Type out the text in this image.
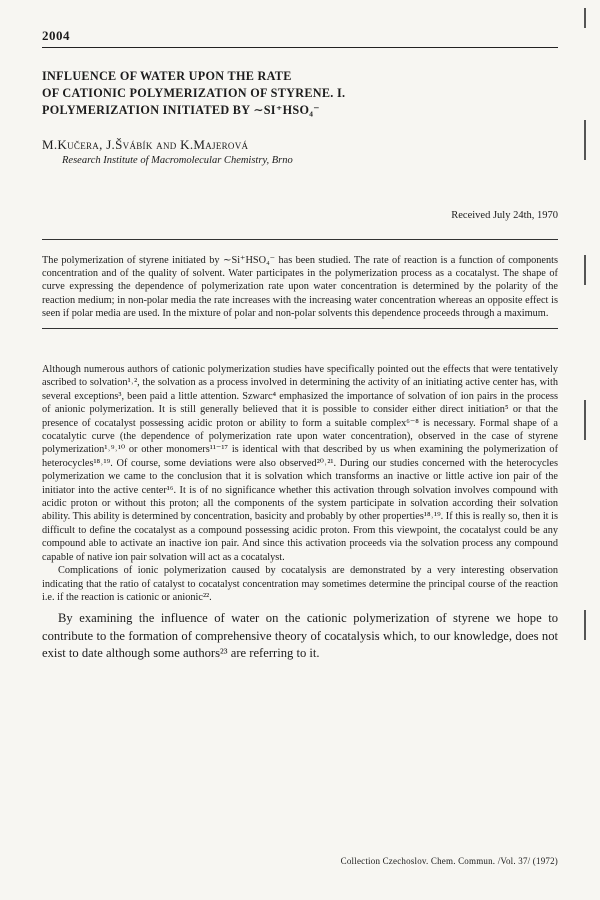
2004
INFLUENCE OF WATER UPON THE RATE
OF CATIONIC POLYMERIZATION OF STYRENE. I.
POLYMERIZATION INITIATED BY ∼SI⁺HSO₄⁻
M.Kučera, J.Švábík and K.Majerová
Research Institute of Macromolecular Chemistry, Brno
Received July 24th, 1970
The polymerization of styrene initiated by ∼Si⁺HSO₄⁻ has been studied. The rate of reaction is a function of components concentration and of the quality of solvent. Water participates in the polymerization process as a cocatalyst. The shape of curve expressing the dependence of polymerization rate upon water concentration is determined by the polarity of the reaction medium; in non-polar media the rate increases with the increasing water concentration whereas an opposite effect is seen if polar media are used. In the mixture of polar and non-polar solvents this dependence proceeds through a maximum.

Although numerous authors of cationic polymerization studies have specifically pointed out the effects that were tentatively ascribed to solvation¹˒², the solvation as a process involved in determining the activity of an initiating active center has, with several exceptions³, been paid a little attention. Szwarc⁴ emphasized the importance of solvation of ion pairs in the process of anionic polymerization. It is still generally believed that it is possible to consider either direct initiation⁵ or that the presence of cocatalyst possessing acidic proton or ability to form a suitable complex⁶⁻⁸ is necessary. Formal shape of a cocatalytic curve (the dependence of polymerization rate upon water concentration), observed in the case of styrene polymerization¹˒⁹˒¹⁰ or other monomers¹¹⁻¹⁷ is identical with that described by us when examining the polymerization of heterocycles¹⁸˒¹⁹. Of course, some deviations were also observed²⁰˒²¹. During our studies concerned with the heterocycles polymerization we came to the conclusion that it is solvation which transforms an inactive or little active ion pair of the initiator into the active center¹⁶. It is of no significance whether this activation through solvation involves compound with acidic proton or without this proton; all the components of the system participate in solvation according their solvation ability. This ability is determined by concentration, basicity and probably by other properties¹⁸˒¹⁹. If this is really so, then it is difficult to define the cocatalyst as a compound possessing acidic proton. From this viewpoint, the cocatalyst could be any compound able to activate an inactive ion pair. And since this activation proceeds via the solvation process any compound capable of native ion pair solvation will act as a cocatalyst.

Complications of ionic polymerization caused by cocatalysis are demonstrated by a very interesting observation indicating that the ratio of catalyst to cocatalyst concentration may sometimes determine the principal course of the reaction i.e. if the reaction is cationic or anionic²².

By examining the influence of water on the cationic polymerization of styrene we hope to contribute to the formation of comprehensive theory of cocatalysis which, to our knowledge, does not exist to date although some authors²³ are referring to it.
Collection Czechoslov. Chem. Commun. /Vol. 37/ (1972)
